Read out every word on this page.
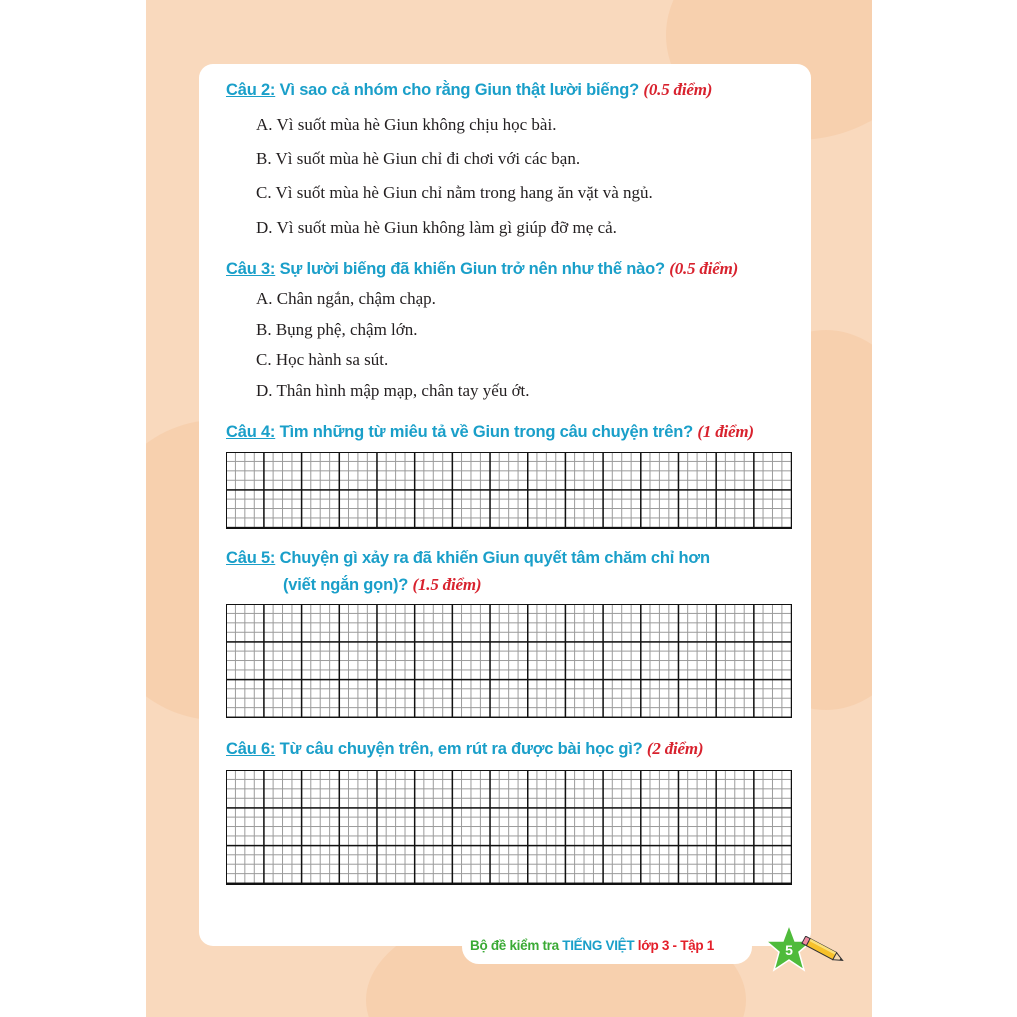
Câu 2: Vì sao cả nhóm cho rằng Giun thật lười biếng? (0.5 điểm)

A. Vì suốt mùa hè Giun không chịu học bài.

B. Vì suốt mùa hè Giun chỉ đi chơi với các bạn.

C. Vì suốt mùa hè Giun chỉ nằm trong hang ăn vặt và ngủ.

D. Vì suốt mùa hè Giun không làm gì giúp đỡ mẹ cả.

Câu 3: Sự lười biếng đã khiến Giun trở nên như thế nào? (0.5 điểm)

A. Chân ngắn, chậm chạp.

B. Bụng phệ, chậm lớn.

C. Học hành sa sút.

D. Thân hình mập mạp, chân tay yếu ớt.

Câu 4: Tìm những từ miêu tả về Giun trong câu chuyện trên? (1 điểm)

Câu 5: Chuyện gì xảy ra đã khiến Giun quyết tâm chăm chỉ hơn

(viết ngắn gọn)? (1.5 điểm)

Câu 6: Từ câu chuyện trên, em rút ra được bài học gì? (2 điểm)

Bộ đề kiểm tra TIẾNG VIỆT lớp 3 - Tập 1	5
